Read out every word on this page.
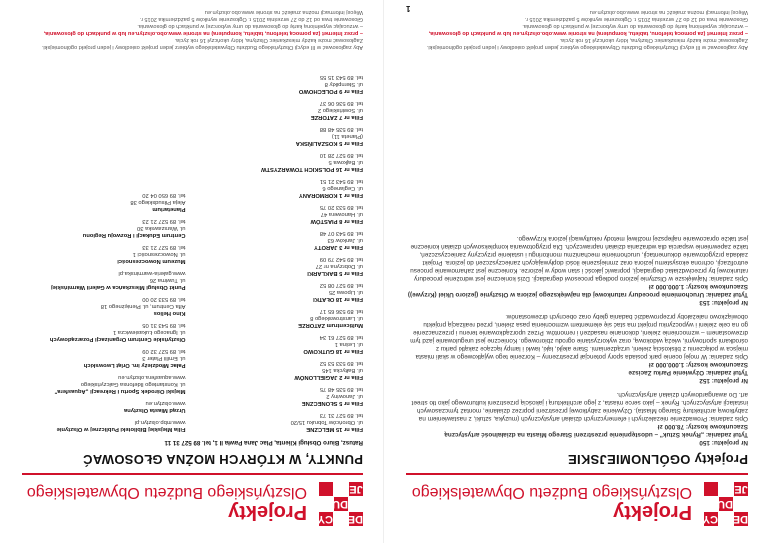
DE
CY
DU
JE
Projekty
Olsztyńskiego Budżetu Obywatelskiego
Projekty OGÓLNOMIEJSKIE
Nr projektu: 150
Tytuł zadania: „Rynek Sztuk" – udostępnienie przestrzeni Starego Miasta na działalność artystyczną
Szacunkowe koszty: 78.000 zł
Opis zadania: Prowadzenie niezależnych i efemerycznych działań artystycznych (muzyka, sztuki, z nastawieniem na zabytkową architekturę Starego Miasta). Ożywienie zabytkowej przestrzeni poprzez działanie, montaż tymczasowych instalacji artystycznych. Rynek – jako serce miasta, z jego architekturą i jakością przestrzeni kulturowego jako tło street art. Do awangardowych działań artystycznych.
Nr projektu: 152
Tytuł zadania: Ożywienie Parku Zacisze
Szacunkowe koszty: 1.000.000 zł
Opis zadania: W mojej ocenie park posiada spory potencjał przestrzenny – Korzenie tego wyjątkowego w skali miasta miejsca w połączeniu z bliskością zieleni, urządzeniami. Stare alejki, łąki, ławki i lampy łączące zakątki parku z ośrodkami sportowymi, wieżą widokową, oraz wykorzystanie ogrodu zbiorowego. Konieczne jest uregulowanie jazd tym drzewostanem – wzmocnienie zieleni, dokonanie nasadzeń i remontów. Przez uporządkowanie terenu i przeznaczenie go na cele zieleni i wypoczynku projekt ma stać się elementem wzmocnienia pasa zieleni, przed realizacją projektu obowiązkowo należałoby przeprowadzić badania gleby oraz obecnych drzewostanów.
Nr projektu: 153
Tytuł zadania: Uruchomienie procedury ratunkowej dla największego jeziora w Olsztynie (jezioro Ukiel (Krzywe))
Szacunkowe koszty: 1.000.000 zł
Opis zadania: Największe w Olsztynie jezioro podlega procesowi degradacji. Dziś konieczne jest wdrożenie procedury ratunkowej by przeciwdziałać degradacji, poprawić jakość i stan wody w jeziorze. Konieczne jest zahamowanie procesu eutrofizacji, ochrona ekosystemu jeziora oraz zmniejszenie ilości dopływających zanieczyszczeń do jeziora. Projekt zakłada przygotowanie dokumentacji, uruchomienie mechanizmu monitoringu i ustalenie przyczyny zanieczyszczeń, także zapewnienie wsparcia dla wdrażania działań naprawczych. Dla przygotowania kompleksowych działań konieczne jest także opracowanie najlepszej możliwej metody rekultywacji jeziora Krzywego.
Aby zagłosować w III edycji Olsztyńskiego Budżetu Obywatelskiego wybierz jeden projekt osiedlowy i jeden projekt ogólnomiejski.
Zagłosować może każdy mieszkaniec Olsztyna, który ukończył 16 rok życia.
– przez Internet (za pomocą telefonu, tabletu, komputera) na stronie www.obo.olsztyn.eu lub w punktach do głosowania,
– wrzucając wypełnioną kartę do głosowania do urny wyborczej w punktach do głosowania.
Głosowanie trwa od 12 do 27 września 2015 r. Ogłoszenie wyników 5 października 2015 r.
Więcej informacji można znaleźć na stronie www.obo.olsztyn.eu
1
DE
CY
DU
JE
Projekty
Olsztyńskiego Budżetu Obywatelskiego
PUNKTY, W KTÓRYCH MOŻNA GŁOSOWAĆ
Ratusz, Biuro Obsługi Klienta, Plac Jana Pawła II 1, tel. 89 527 31 11
Filia nr 15 MELCZNE
ul. Obrońców Tobruku 15/20
tel. 89 527 31 73
Filia nr 5 SŁONECZNE
ul. Janowiny 2
tel. 89 535 48 75
Filia nr 2 JAGIELLONÓW
ul. Bałtycka 145
tel. 89 533 53 52
Filia nr 18 GUTKOWO
ul. Leśna 1
tel. 89 527 61 34
Multicentrum ZATORZE
ul. Lanstrowskiego 8
tel. 89 536 65 17
Filia nr 18 OŁATKI
ul. Lipowa 25
tel. 89 527 08 52
Filia nr 5 BAKLARKI
ul. Dobrzyna nr 27
tel. 89 542 79 09
Filia nr 3 JAROTY
ul. Janków 63
tel. 89 543 07 48
Filia nr 8 PIASTÓW
ul. Hanowera 47
tel. 89 533 20 75
Filia nr 1 KORMORANY
ul. Ceglanego 6
tel. 89 543 21 51
Filia nr 16 POLSKICH TOWARZYSTW
ul. Bajkowa 5
tel. 89 527 28 10
Filia nr 5 KOSZALIŃSKA
(Planeta 11)
tel. 89 535 48 88
Filia nr 7 ZATORZE
ul. Sowińskiego 2
tel. 89 536 06 37
Filia nr 9 POLECHOWO
ul. Sternpikty 8
tel. 89 543 15 55
Filia Miejskiej Biblioteki Publicznej w Olsztynie
www.mbp.olsztyn.pl
Urząd Miasta Olsztyna
www.olsztyn.eu
Miejski Ośrodek Sportu i Rekreacji „Aquasfera"
ul. Konstantego Ildefonsa Gałczyńskiego
www.aquasfera.olsztyn.eu
Pałac Młodzieży im. Orląt Lwowskich
ul. Emilii Plater 3
tel. 89 527 32 09
Olsztyńskie Centrum Organizacji Pozarządowych
ul. Ignacego Łukasiewicza 1
tel. 89 543 31 05
Kino Helios
Alfa Centrum, ul. Pieniężnego 18
tel. 89 533 20 00
Punkt Obsługi Mieszkańca w Galerii Warmińskiej
ul. Tuwima 26
www.galeria-warminska.pl
Muzeum Nowoczesności
ul. Nowoczesności 1
tel. 89 527 21 33
Centrum Edukacji i Rozwoju Regionu
ul. Warszawska 30
tel. 89 527 21 23
Planetarium
Aleja Piłsudskiego 38
tel. 89 650 04 20
Aby zagłosować w III edycji Olsztyńskiego Budżetu Obywatelskiego wybierz jeden projekt osiedlowy i jeden projekt ogólnomiejski.
Zagłosować może każdy mieszkaniec Olsztyna, który ukończył 16 rok życia.
– przez Internet (za pomocą telefonu, tabletu, komputera) na stronie www.obo.olsztyn.eu lub w punktach do głosowania,
– wrzucając wypełnioną kartę do głosowania do urny wyborczej w punktach do głosowania.
Głosowanie trwa od 12 do 27 września 2015 r. Ogłoszenie wyników 5 października 2015 r.
Więcej informacji można znaleźć na stronie www.obo.olsztyn.eu
